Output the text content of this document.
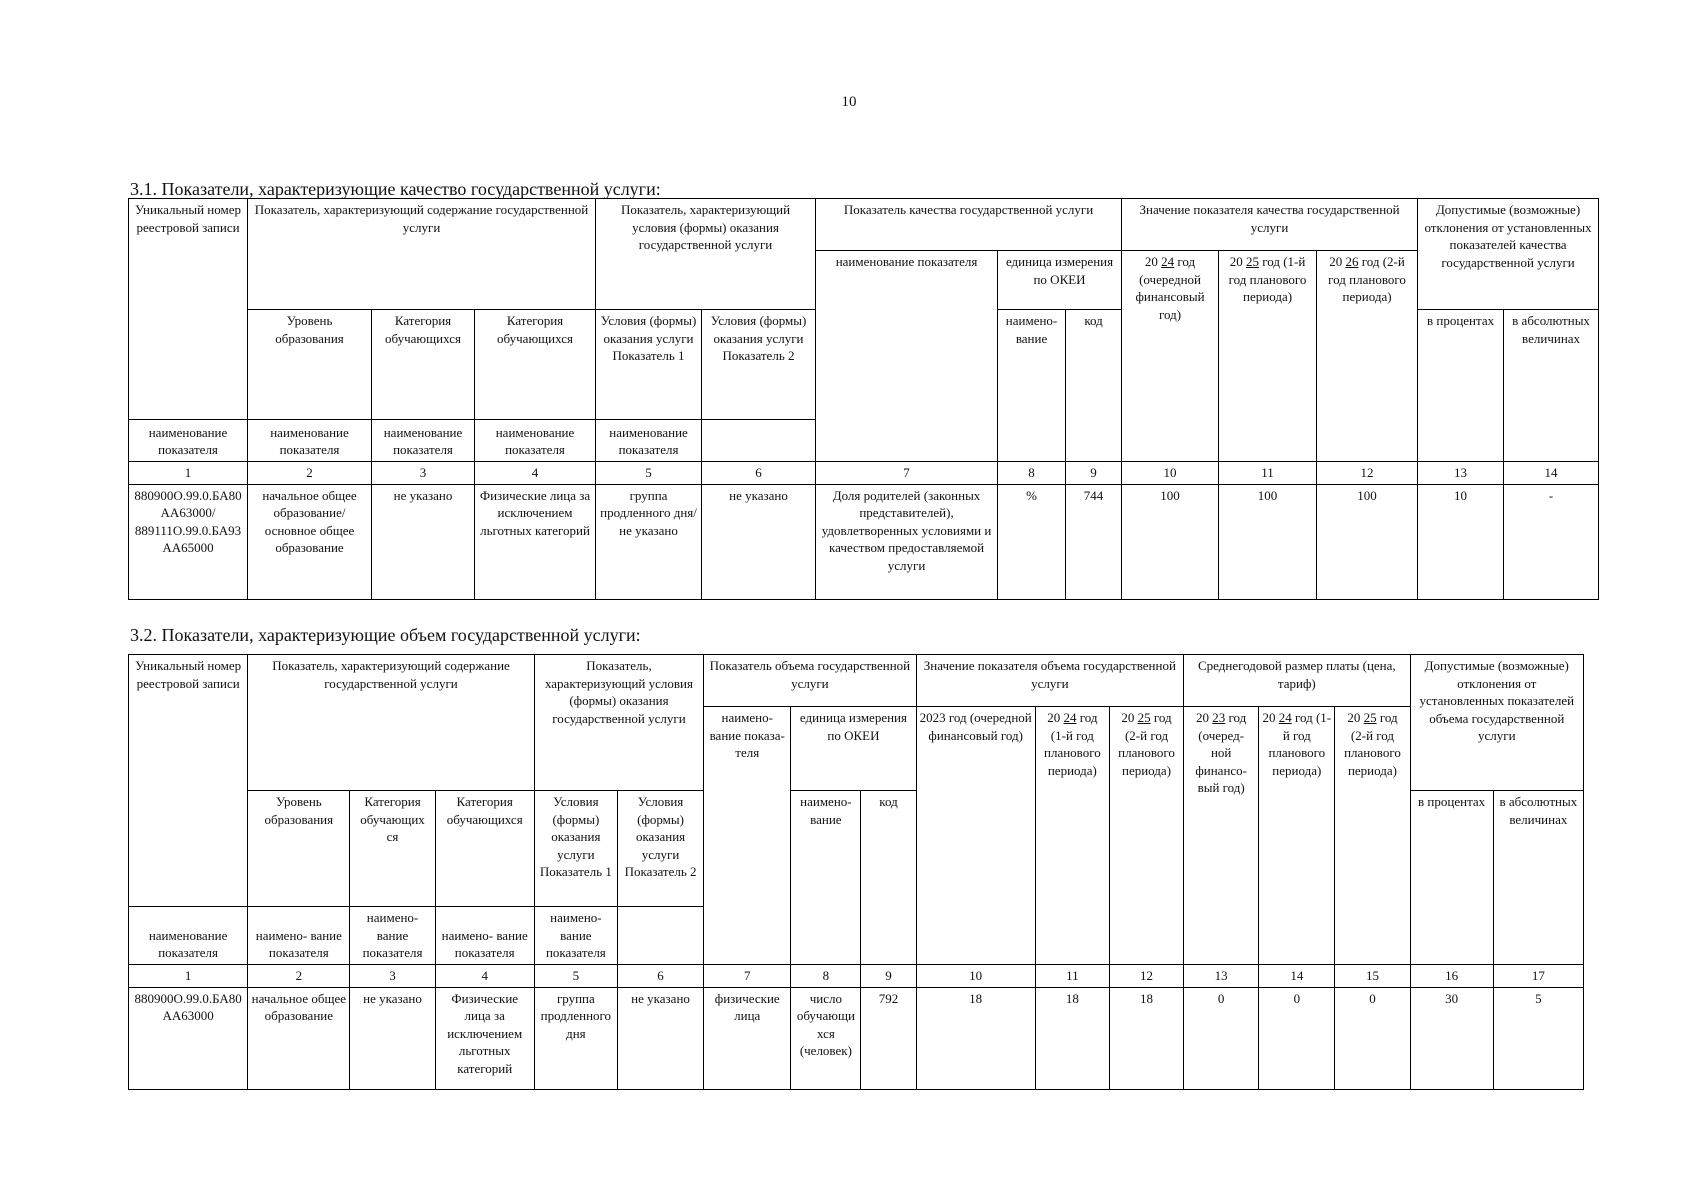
10
3.1. Показатели, характеризующие качество государственной услуги:
Уникальный номер реестровой записи	Показатель, характеризующий содержание государственной услуги			Показатель, характеризующий условия (формы) оказания государственной услуги		Показатель качества государственной услуги			Значение показателя качества государственной услуги			Допустимые (возможные) отклонения от установленных показателей качества государственной услуги	
						наименование показателя	единица измерения по ОКЕИ		20 24 год (очередной финансовый год)	20 25 год (1-й год планового периода)	20 26 год (2-й год планового периода)		
	Уровень образования	Категория обучающихся	Категория обучающихся	Условия (формы) оказания услуги Показатель 1	Условия (формы) оказания услуги Показатель 2		наимено- вание	код				в процентах	в абсолютных величинах
наименование показателя	наименование показателя	наименование показателя	наименование показателя	наименование показателя									
1	2	3	4	5	6	7	8	9	10	11	12	13	14
880900О.99.0.БА80АА63000/ 889111О.99.0.БА93АА65000	начальное общее образование/ основное общее образование	не указано	Физические лица за исключением льготных категорий	группа продленного дня/ не указано	не указано	Доля родителей (законных представителей), удовлетворенных условиями и качеством предоставляемой услуги	%	744	100	100	100	10	-
3.2. Показатели, характеризующие объем государственной услуги:
Уникальный номер реестровой записи	Показатель, характеризующий содержание государственной услуги			Показатель, характеризующий условия (формы) оказания государственной услуги		Показатель объема государственной услуги			Значение показателя объема государственной услуги			Среднегодовой размер платы (цена, тариф)			Допустимые (возможные) отклонения от установленных показателей объема государственной услуги	
						наимено- вание показа- теля	единица измерения по ОКЕИ		2023 год (очередной финансовый год)	20 24 год (1-й год планового периода)	20 25 год (2-й год планового периода)	20 23 год (очеред- ной финансо- вый год)	20 24 год (1-й год планового периода)	20 25 год (2-й год планового периода)		
	Уровень образования	Категория обучающих ся	Категория обучающихся	Условия (формы) оказания услуги Показатель 1	Условия (формы) оказания услуги Показатель 2		наимено- вание	код							в процентах	в абсолютных величинах
наименование показателя	наимено- вание показателя	наимено- вание показателя	наимено- вание показателя	наимено- вание показателя												
1	2	3	4	5	6	7	8	9	10	11	12	13	14	15	16	17
880900О.99.0.БА80АА63000	начальное общее образование	не указано	Физические лица за исключением льготных категорий	группа продленного дня	не указано	физические лица	число обучающихся (человек)	792	18	18	18	0	0	0	30	5
